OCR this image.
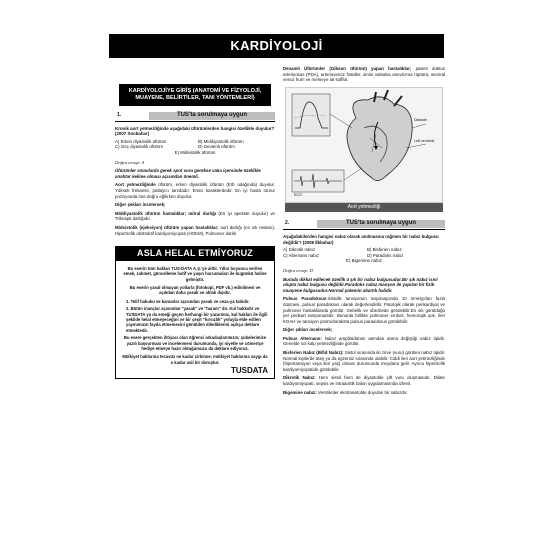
KARDİYOLOJİ
KARDİYOLOJİYE GİRİŞ (ANATOMİ VE FİZYOLOJİ, MUAYENE, BELİRTİLER, TANI YÖNTEMLERİ)
1.	TUS'ta sorulmaya uygun
Kronik aort yetmezliğinde aşağıdaki üfürümlerden hangisi özellikle duyulur? (2007 Sonbahar)
A) Erken diyastolik üfürüm	B) Middiyastolik üfürüm
C) Geç diyastolik üfürüm	D) Devamlı üfürüm
E) Midsistolik üfürüm
Doğru cevap: A
Üfürümler sınavlarda gerek spot soru gerekse vaka içersinde özellikle anahtar kelime olması açısından önemli.
Aort yetmezliğinde üfürüm, erken diyastolik üfürüm (Erb odağında) duyulur. Yüksek frekanslı, patlayıcı tarzdadır. Emici karakterdedir. En iyi hasta oturur pozisyonda öne doğru eğilirken duyulur.
Diğer şekları incelersek;
Middiyastolik üfürüm hastalıklar; mitral darlığı (En iyi apekste duyulur) ve Triküspit darlığıdır.
Midsistolik (ejeksiyon) üfürüm yapan hastalıklar; aort darlığı (en sık nedeni), Hipertrofik obstrüktif kardiyomiyopati (HOKM), Pulmoner darlık
ASLA HELAL ETMİYORUZ

Bu eserin tüm hakları TUS-DATA A.Ş.'ye aittir. Yıllar boyunca verilen emek, zahmet, güncelleme hatif ve yaşın harcamaları ile bugünkü haline gelmiştir.

Bu eserin yasal olmayan yollarla (fotokopi, PDF vb.) edinilmesi ve açıkdan daha yasak ve ahlak dışıdır.

1. Telif hakuku ve kanunlar açısından yasak ve ceza-ya tabidir.
2. Bütün inançlar açısından "yasak" ve "haram" dır. Kul hakkıdır ve TUSDATA ya da emeği geçen herhangi bir yazarımız, kul hakları ile ilgili şekilde helal etmeyeceğini ve bir çeşit "hırsızlık" yoluyla elde edilen yayınımızın fayda etmemesini gönülden dilediklerini açıkça deklare etmektedir.

Bu esere gerçekten ihtiyacı olan öğrenci arkadaşlarımızın; şubelerimize yazılı başvurması ve incelenmesi durumunda, iyi niyetle ve cömertçe hediye etmeye hazır olduğumuzu da deklare ediyoruz.

Mülkiyet haklarına tecavüz ne kadar çirkinse; mülkiyet haklarına saygı da o kadar asil bir duruştur.

TUSDATA
Devamlı Üfürümler (Gibson üfürüm) yapan hastalıklar; patent duktus arteriyosus (PDA), arteriovenöz fistüller, sinüs valsalva anevrizma rüptürü, serviral venoz hum ve memeye ait sufflür.
Diastole
Left ventricle
ECG
Aort yetmezliği
2.	TUS'ta sorulmaya uygun
Aşağıdakilerden hangisi nabız olarak anılmasına rağmen bir nabız bulgusu değildir? (2008 İlkbahar)
A) Dikrotik nabız	B) Bisferien nabız
C) Alternans nabız	D) Paradoks nabız
E) Bigemine nabız
Doğru cevap: D
Burada dikkat edilecek özellik 4 şık bir nabız bulgusudur.Bir şık nabız ismi olupta nabız bulgusu değildir.Paradoks nabız manşon ile yapılan bir fizik muayene bulgusudur.Normal patemin abartılı halidir.
Pulsus Paradoksus:Sistolik tansiyonun inspirasyonda 10 mmHg'dan fazla düşmesi, pulsus paradoksus olarak değerlendirilir. Patolojik olarak perikardiyal ve pulmoner hastalıklarda görülür. Gebelik ve obezitede görülebilir.En sık görüldüğü yer perikart tamponadıdır. Bununla birlikte pulmoner emboli, hemorajik şok, ileri KOAH ve tansiyon pnömotoraksta pulsus paradoksus görülebilir.
Diğer şıkları incelersek;
Pulsus Alternans: Nabız amplitüdünün atımdan atıma değiştiği nabız tipidir. Genelde sol kalp yetmezliğinde görülür.
Bisferien Nabız (Bifid Nabız): Sistol sırasında iki zirve (vuru) görülen nabız tipidir. Normal kişilerde ateş ya da egzersiz sırasında olabilir. Ciddi ileri aort yetmezliğinde (hipertansiyon veya ileri yaş) olması durumunda meydana gelir. Ayrıca hipertrofik kardiyomiyopatide görülebilir.
Dikrotik Nabız: Hem sistol hem de diyastolde çift vuru oluşmasıdır. Dilate kardiyomiyopati, sepsis ve intraaortik balon uygulamasında izlenir.
Bigemine nabız: Ventriküler ekstrasistolde duyulan bir nabızdır.
